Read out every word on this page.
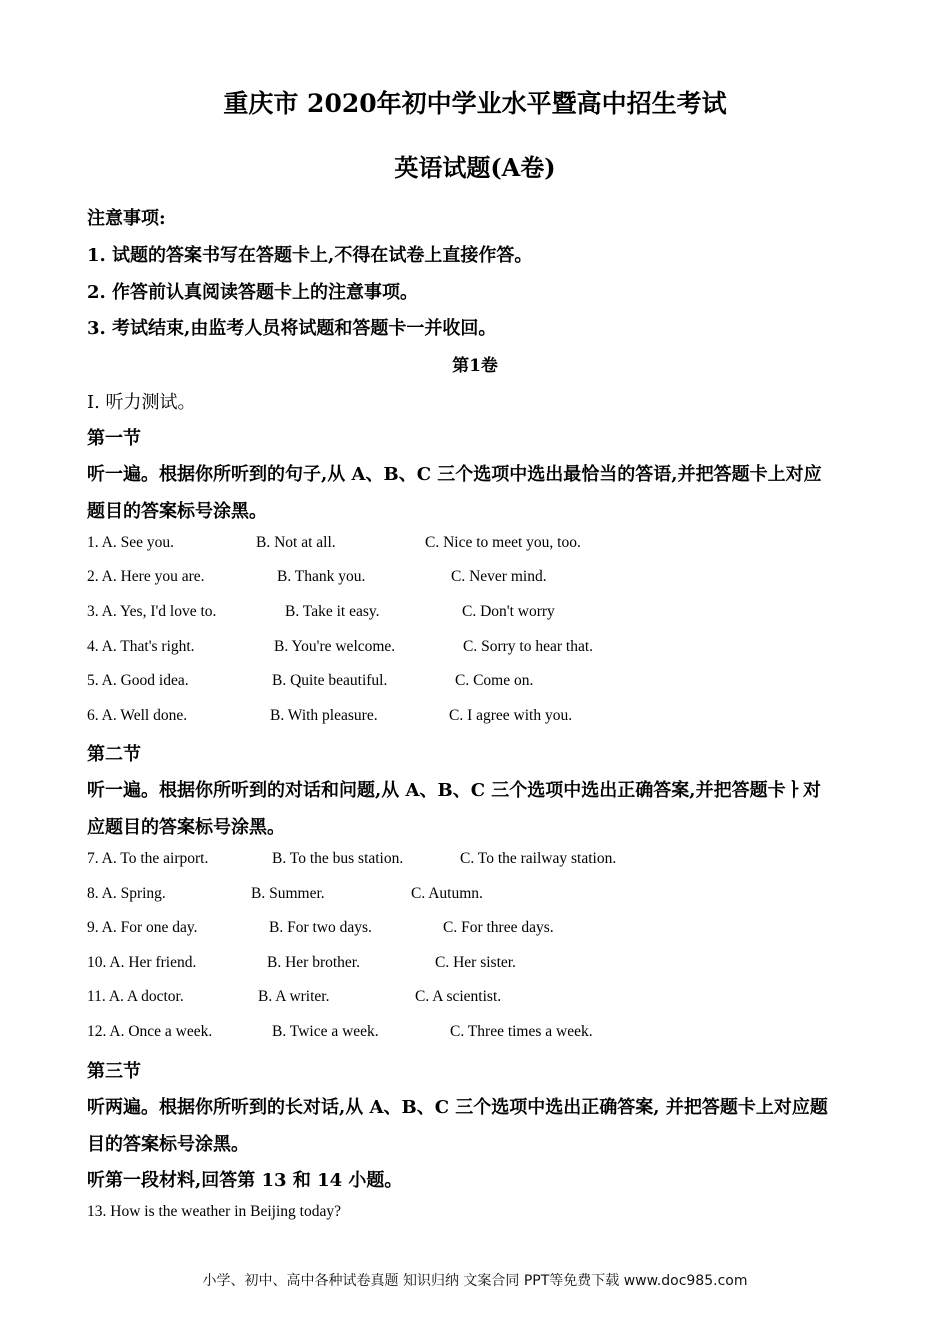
重庆市 2020年初中学业水平暨高中招生考试
英语试题(A卷)
注意事项:
1. 试题的答案书写在答题卡上,不得在试卷上直接作答。
2. 作答前认真阅读答题卡上的注意事项。
3. 考试结束,由监考人员将试题和答题卡一并收回。
第1卷
I. 听力测试。
第一节
听一遍。根据你所听到的句子,从 A、B、C 三个选项中选出最恰当的答语,并把答题卡上对应
题目的答案标号涂黑。
1. A. See you.	B. Not at all.	C. Nice to meet you, too.
2. A. Here you are.	B. Thank you.	C. Never mind.
3. A. Yes, I'd love to.	B. Take it easy.	C. Don't worry
4. A. That's right.	B. You're welcome.	C. Sorry to hear that.
5. A. Good idea.	B. Quite beautiful.	C. Come on.
6. A. Well done.	B. With pleasure.	C. I agree with you.
第二节
听一遍。根据你所听到的对话和问题,从 A、B、C 三个选项中选出正确答案,并把答题卡ㅏ对
应题目的答案标号涂黑。
7. A. To the airport.	B. To the bus station.	C. To the railway station.
8. A. Spring.	B. Summer.	C. Autumn.
9. A. For one day.	B. For two days.	C. For three days.
10. A. Her friend.	B. Her brother.	C. Her sister.
11. A. A doctor.	B. A writer.	C. A scientist.
12. A. Once a week.	B. Twice a week.	C. Three times a week.
第三节
听两遍。根据你所听到的长对话,从 A、B、C 三个选项中选出正确答案, 并把答题卡上对应题
目的答案标号涂黑。
听第一段材料,回答第 13 和 14 小题。
13. How is the weather in Beijing today?
小学、初中、高中各种试卷真题 知识归纳 文案合同 PPT等免费下载 www.doc985.com
